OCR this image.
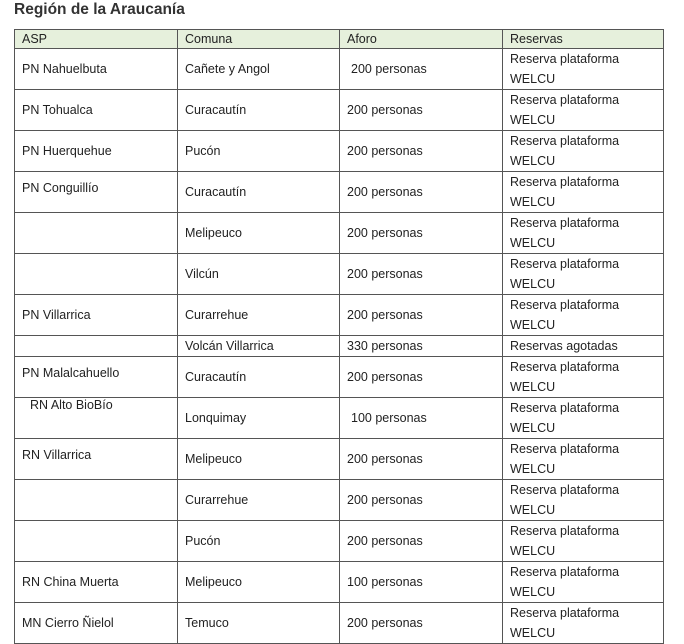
Región de la Araucanía
ASP	Comuna	Aforo	Reservas
PN Nahuelbuta	Cañete y Angol	200 personas	Reserva plataforma WELCU
PN Tohualca	Curacautín	200 personas	Reserva plataforma WELCU
PN Huerquehue	Pucón	200 personas	Reserva plataforma WELCU

PN Conguillío	Curacautín	200 personas	Reserva plataforma WELCU
	Melipeuco	200 personas	Reserva plataforma WELCU
	Vilcún	200 personas	Reserva plataforma WELCU
PN Villarrica	Curarrehue	200 personas	Reserva plataforma WELCU
	Volcán Villarrica	330 personas	Reservas agotadas

PN Malalcahuello	Curacautín	200 personas	Reserva plataforma WELCU

RN Alto BioBío	Lonquimay	100 personas	Reserva plataforma WELCU

RN Villarrica	Melipeuco	200 personas	Reserva plataforma WELCU
	Curarrehue	200 personas	Reserva plataforma WELCU
	Pucón	200 personas	Reserva plataforma WELCU
RN China Muerta	Melipeuco	100 personas	Reserva plataforma WELCU
MN Cierro Ñielol	Temuco	200 personas	Reserva plataforma WELCU
